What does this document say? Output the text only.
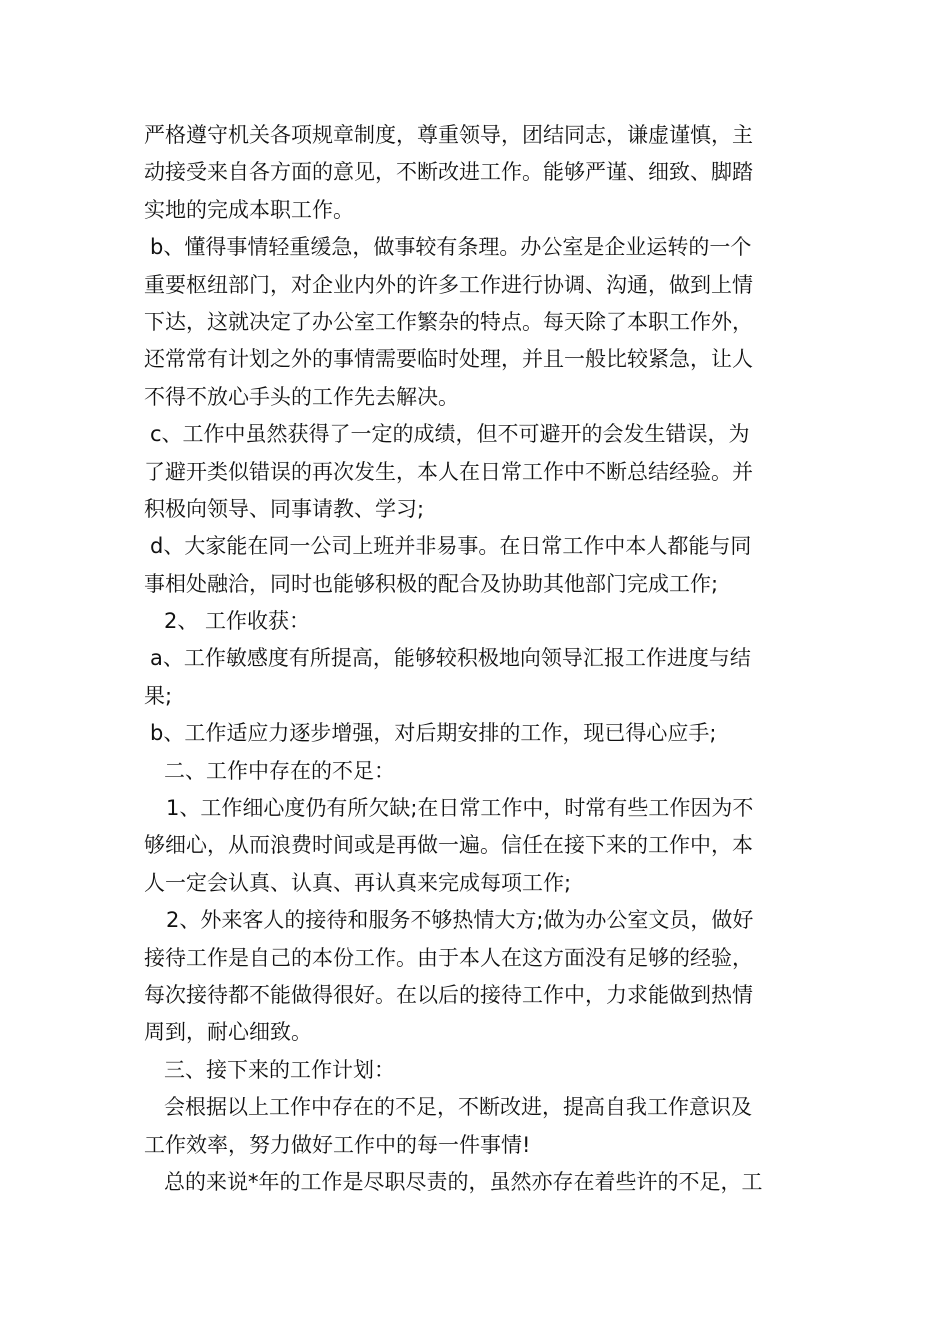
严格遵守机关各项规章制度，尊重领导，团结同志，谦虚谨慎，主
动接受来自各方面的意见，不断改进工作。能够严谨、细致、脚踏
实地的完成本职工作。
b、懂得事情轻重缓急，做事较有条理。办公室是企业运转的一个
重要枢纽部门，对企业内外的许多工作进行协调、沟通，做到上情
下达，这就决定了办公室工作繁杂的特点。每天除了本职工作外，
还常常有计划之外的事情需要临时处理，并且一般比较紧急，让人
不得不放心手头的工作先去解决。
c、工作中虽然获得了一定的成绩，但不可避开的会发生错误，为
了避开类似错误的再次发生，本人在日常工作中不断总结经验。并
积极向领导、同事请教、学习;
d、大家能在同一公司上班并非易事。在日常工作中本人都能与同
事相处融洽，同时也能够积极的配合及协助其他部门完成工作;
2、 工作收获：
a、工作敏感度有所提高，能够较积极地向领导汇报工作进度与结
果;
b、工作适应力逐步增强，对后期安排的工作，现已得心应手;
二、工作中存在的不足：
1、工作细心度仍有所欠缺;在日常工作中，时常有些工作因为不
够细心，从而浪费时间或是再做一遍。信任在接下来的工作中，本
人一定会认真、认真、再认真来完成每项工作;
2、外来客人的接待和服务不够热情大方;做为办公室文员，做好
接待工作是自己的本份工作。由于本人在这方面没有足够的经验，
每次接待都不能做得很好。在以后的接待工作中，力求能做到热情
周到，耐心细致。
三、接下来的工作计划：
会根据以上工作中存在的不足，不断改进，提高自我工作意识及
工作效率，努力做好工作中的每一件事情!
总的来说*年的工作是尽职尽责的，虽然亦存在着些许的不足，工
